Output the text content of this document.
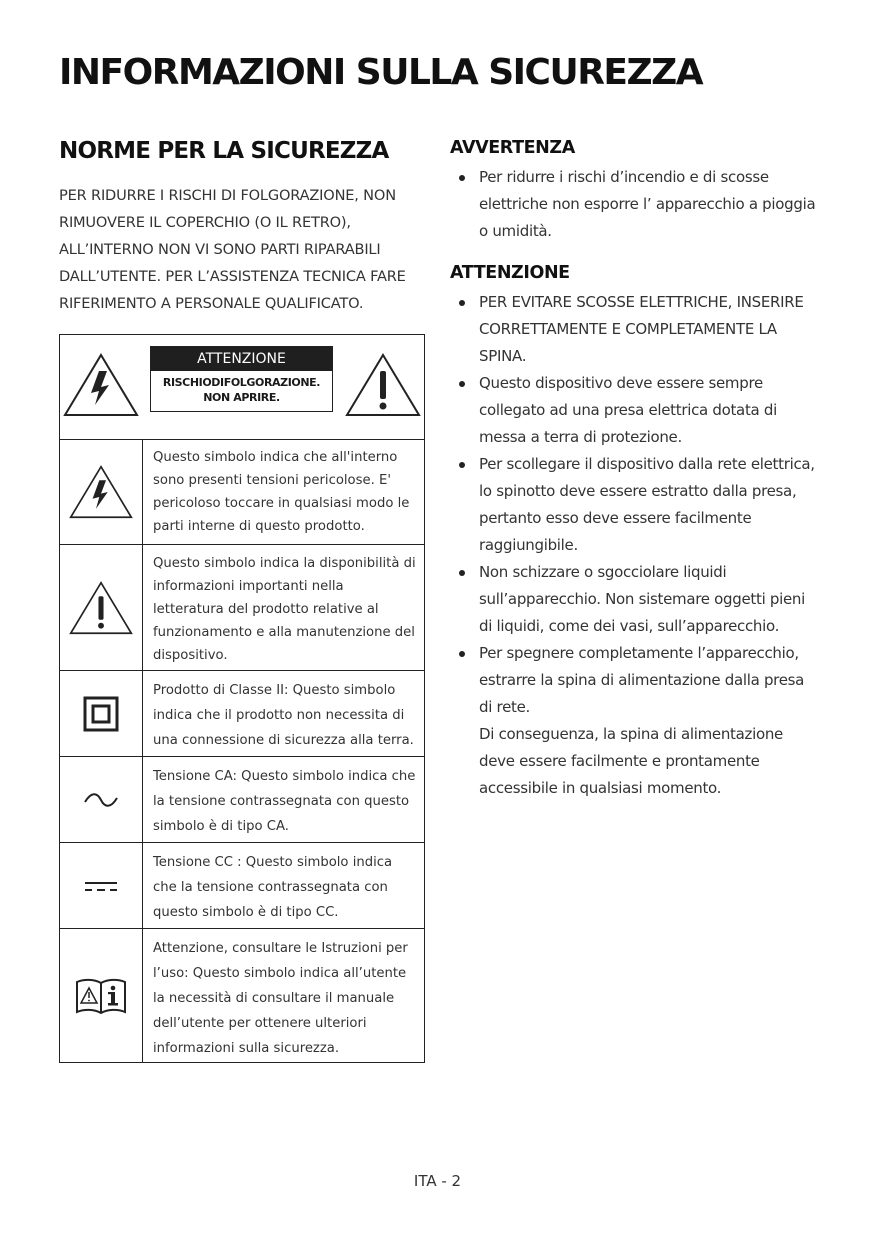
INFORMAZIONI SULLA SICUREZZA
NORME PER LA SICUREZZA

PER RIDURRE I RISCHI DI FOLGORAZIONE, NON RIMUOVERE IL COPERCHIO (O IL RETRO), ALL’INTERNO NON VI SONO PARTI RIPARABILI DALL’UTENTE. PER L’ASSISTENZA TECNICA FARE RIFERIMENTO A PERSONALE QUALIFICATO.

ATTENZIONE
RISCHIODIFOLGORAZIONE.
NON APRIRE.
Questo simbolo indica che all'interno sono presenti tensioni pericolose. E' pericoloso toccare in qualsiasi modo le parti interne di questo prodotto.
Questo simbolo indica la disponibilità di informazioni importanti nella letteratura del prodotto relative al funzionamento e alla manutenzione del dispositivo.
Prodotto di Classe II: Questo simbolo indica che il prodotto non necessita di una connessione di sicurezza alla terra.
Tensione CA: Questo simbolo indica che la tensione contrassegnata con questo simbolo è di tipo CA.
Tensione CC : Questo simbolo indica che la tensione contrassegnata con questo simbolo è di tipo CC.
Attenzione, consultare le Istruzioni per l’uso: Questo simbolo indica all’utente la necessità di consultare il manuale dell’utente per ottenere ulteriori informazioni sulla sicurezza.
AVVERTENZA
Per ridurre i rischi d’incendio e di scosse elettriche non esporre l’ apparecchio a pioggia o umidità.
ATTENZIONE
PER EVITARE SCOSSE ELETTRICHE, INSERIRE CORRETTAMENTE E COMPLETAMENTE LA SPINA.
Questo dispositivo deve essere sempre collegato ad una presa elettrica dotata di messa a terra di protezione.
Per scollegare il dispositivo dalla rete elettrica, lo spinotto deve essere estratto dalla presa, pertanto esso deve essere facilmente raggiungibile.
Non schizzare o sgocciolare liquidi sull’apparecchio. Non sistemare oggetti pieni di liquidi, come dei vasi, sull’apparecchio.
Per spegnere completamente l’apparecchio, estrarre la spina di alimentazione dalla presa di rete.
Di conseguenza, la spina di alimentazione deve essere facilmente e prontamente accessibile in qualsiasi momento.
ITA - 2
